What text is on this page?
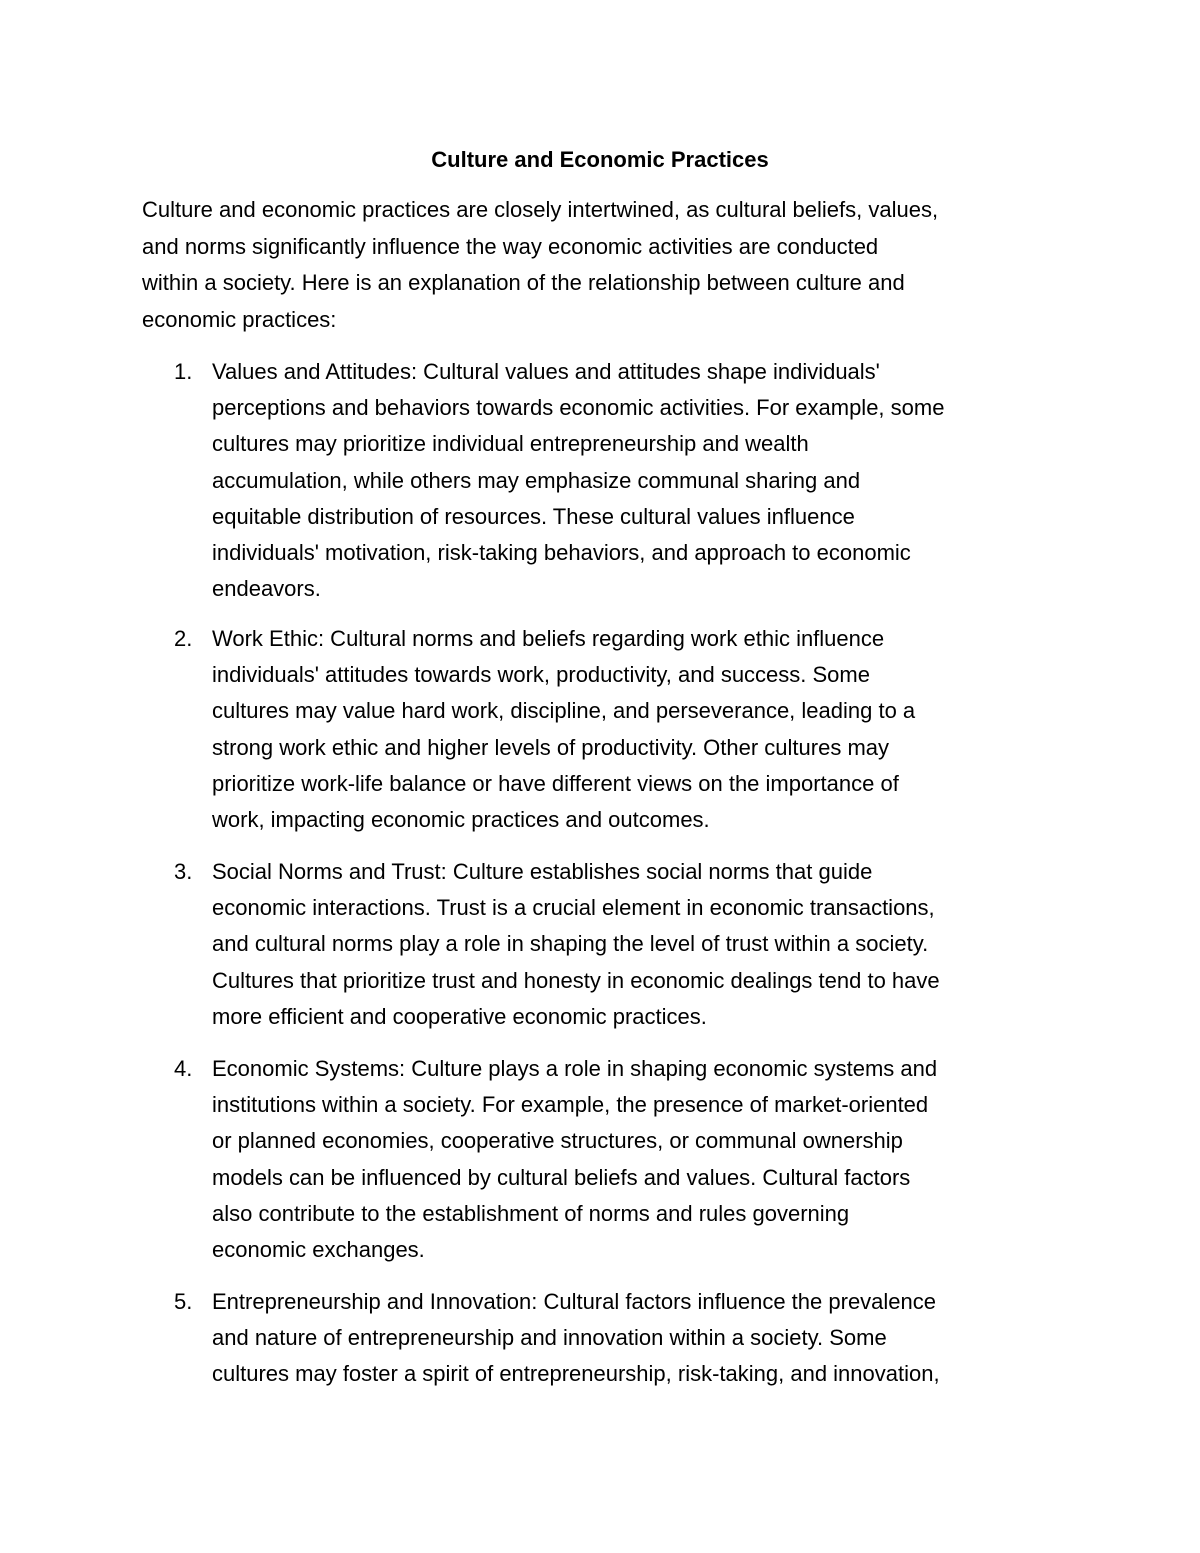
Culture and Economic Practices

Culture and economic practices are closely intertwined, as cultural beliefs, values,
and norms significantly influence the way economic activities are conducted
within a society. Here is an explanation of the relationship between culture and
economic practices:

1. Values and Attitudes: Cultural values and attitudes shape individuals'
perceptions and behaviors towards economic activities. For example, some
cultures may prioritize individual entrepreneurship and wealth
accumulation, while others may emphasize communal sharing and
equitable distribution of resources. These cultural values influence
individuals' motivation, risk-taking behaviors, and approach to economic
endeavors.
2. Work Ethic: Cultural norms and beliefs regarding work ethic influence
individuals' attitudes towards work, productivity, and success. Some
cultures may value hard work, discipline, and perseverance, leading to a
strong work ethic and higher levels of productivity. Other cultures may
prioritize work-life balance or have different views on the importance of
work, impacting economic practices and outcomes.
3. Social Norms and Trust: Culture establishes social norms that guide
economic interactions. Trust is a crucial element in economic transactions,
and cultural norms play a role in shaping the level of trust within a society.
Cultures that prioritize trust and honesty in economic dealings tend to have
more efficient and cooperative economic practices.
4. Economic Systems: Culture plays a role in shaping economic systems and
institutions within a society. For example, the presence of market-oriented
or planned economies, cooperative structures, or communal ownership
models can be influenced by cultural beliefs and values. Cultural factors
also contribute to the establishment of norms and rules governing
economic exchanges.
5. Entrepreneurship and Innovation: Cultural factors influence the prevalence
and nature of entrepreneurship and innovation within a society. Some
cultures may foster a spirit of entrepreneurship, risk-taking, and innovation,
